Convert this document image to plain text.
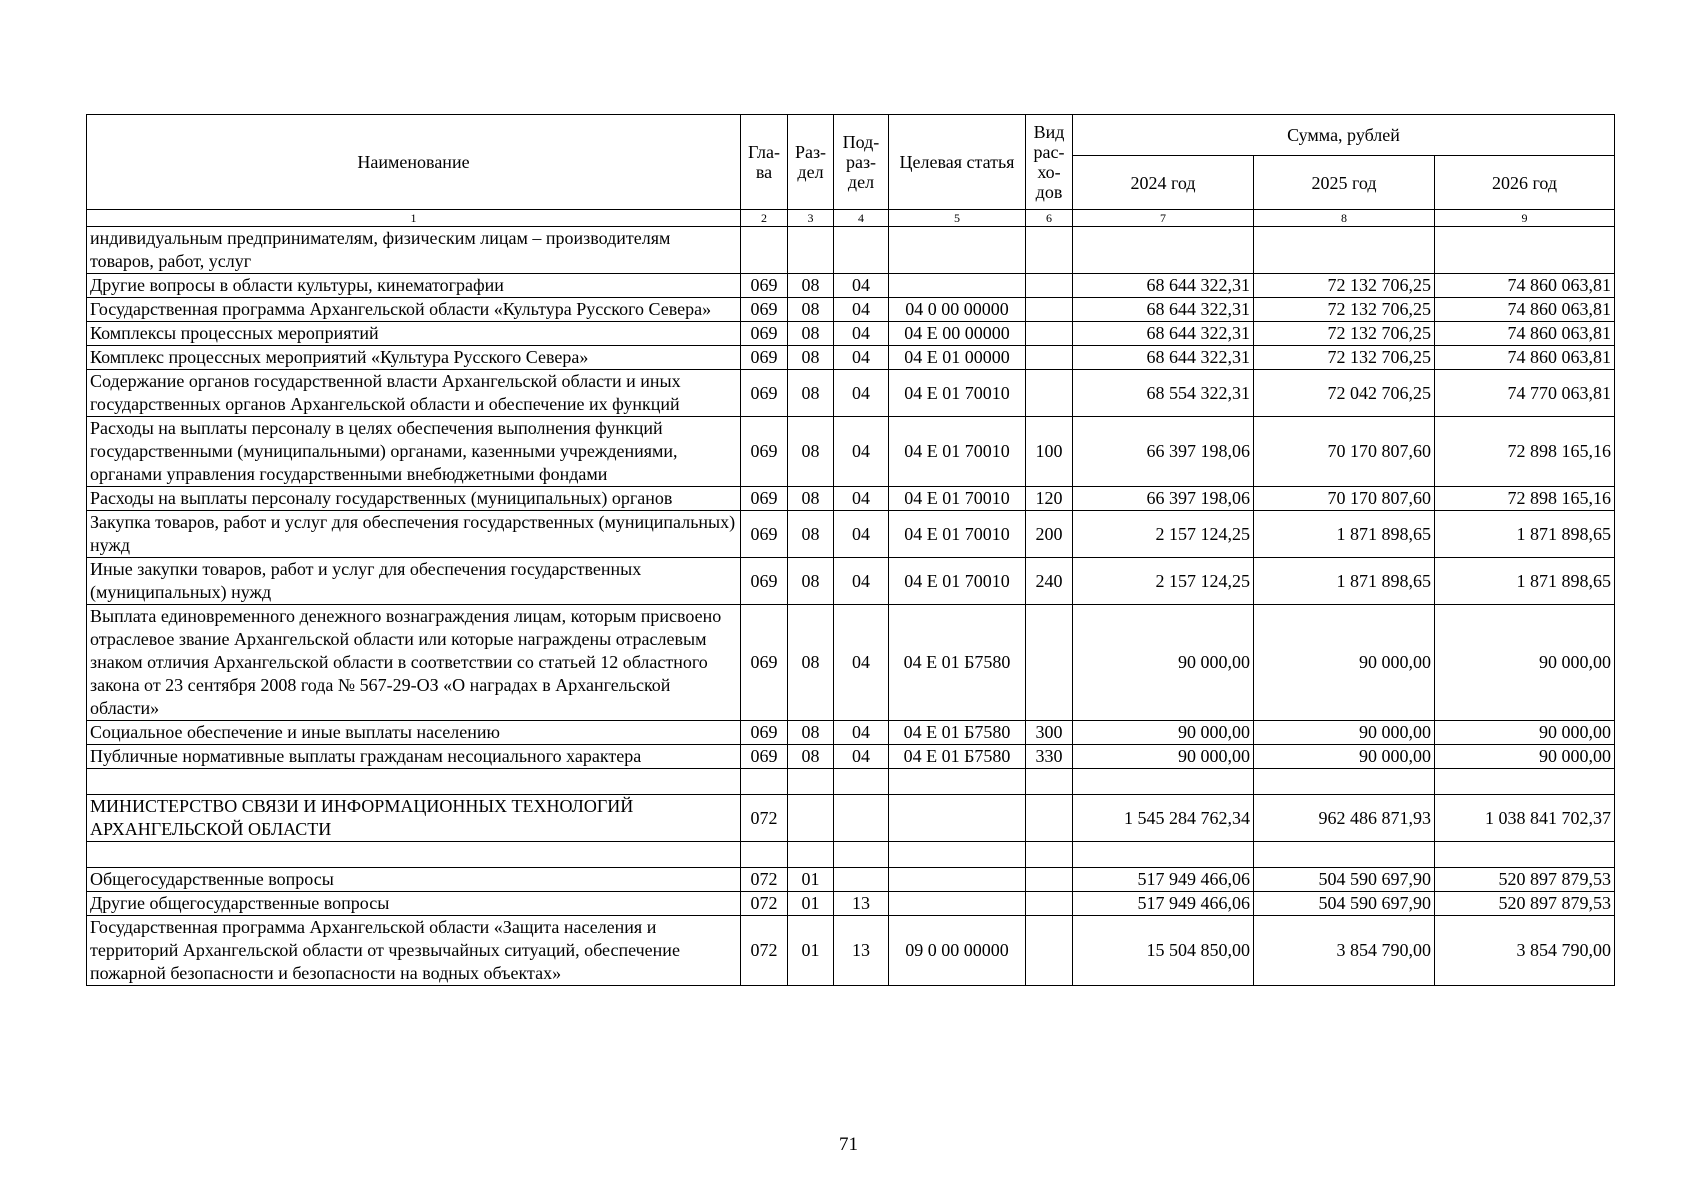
Наименование	Гла-ва	Раз-дел	Под-раз-дел	Целевая статья	Вид рас-хо-дов	Сумма, рублей		
						2024 год	2025 год	2026 год
1	2	3	4	5	6	7	8	9
индивидуальным предпринимателям, физическим лицам – производителям товаров, работ, услуг								
Другие вопросы в области культуры, кинематографии	069	08	04			68 644 322,31	72 132 706,25	74 860 063,81
Государственная программа Архангельской области «Культура Русского Севера»	069	08	04	04 0 00 00000		68 644 322,31	72 132 706,25	74 860 063,81
Комплексы процессных мероприятий	069	08	04	04 Е 00 00000		68 644 322,31	72 132 706,25	74 860 063,81
Комплекс процессных мероприятий «Культура Русского Севера»	069	08	04	04 Е 01 00000		68 644 322,31	72 132 706,25	74 860 063,81
Содержание органов государственной власти Архангельской области и иных государственных органов Архангельской области и обеспечение их функций	069	08	04	04 Е 01 70010		68 554 322,31	72 042 706,25	74 770 063,81
Расходы на выплаты персоналу в целях обеспечения выполнения функций государственными (муниципальными) органами, казенными учреждениями, органами управления государственными внебюджетными фондами	069	08	04	04 Е 01 70010	100	66 397 198,06	70 170 807,60	72 898 165,16
Расходы на выплаты персоналу государственных (муниципальных) органов	069	08	04	04 Е 01 70010	120	66 397 198,06	70 170 807,60	72 898 165,16
Закупка товаров, работ и услуг для обеспечения государственных (муниципальных) нужд	069	08	04	04 Е 01 70010	200	2 157 124,25	1 871 898,65	1 871 898,65
Иные закупки товаров, работ и услуг для обеспечения государственных (муниципальных) нужд	069	08	04	04 Е 01 70010	240	2 157 124,25	1 871 898,65	1 871 898,65
Выплата единовременного денежного вознаграждения лицам, которым присвоено отраслевое звание Архангельской области или которые награждены отраслевым знаком отличия Архангельской области в соответствии со статьей 12 областного закона от 23 сентября 2008 года № 567-29-ОЗ «О наградах в Архангельской области»	069	08	04	04 Е 01 Б7580		90 000,00	90 000,00	90 000,00
Социальное обеспечение и иные выплаты населению	069	08	04	04 Е 01 Б7580	300	90 000,00	90 000,00	90 000,00
Публичные нормативные выплаты гражданам несоциального характера	069	08	04	04 Е 01 Б7580	330	90 000,00	90 000,00	90 000,00

МИНИСТЕРСТВО СВЯЗИ И ИНФОРМАЦИОННЫХ ТЕХНОЛОГИЙ АРХАНГЕЛЬСКОЙ ОБЛАСТИ	072					1 545 284 762,34	962 486 871,93	1 038 841 702,37

Общегосударственные вопросы	072	01				517 949 466,06	504 590 697,90	520 897 879,53
Другие общегосударственные вопросы	072	01	13			517 949 466,06	504 590 697,90	520 897 879,53
Государственная программа Архангельской области «Защита населения и территорий Архангельской области от чрезвычайных ситуаций, обеспечение пожарной безопасности и безопасности на водных объектах»	072	01	13	09 0 00 00000		15 504 850,00	3 854 790,00	3 854 790,00
71
